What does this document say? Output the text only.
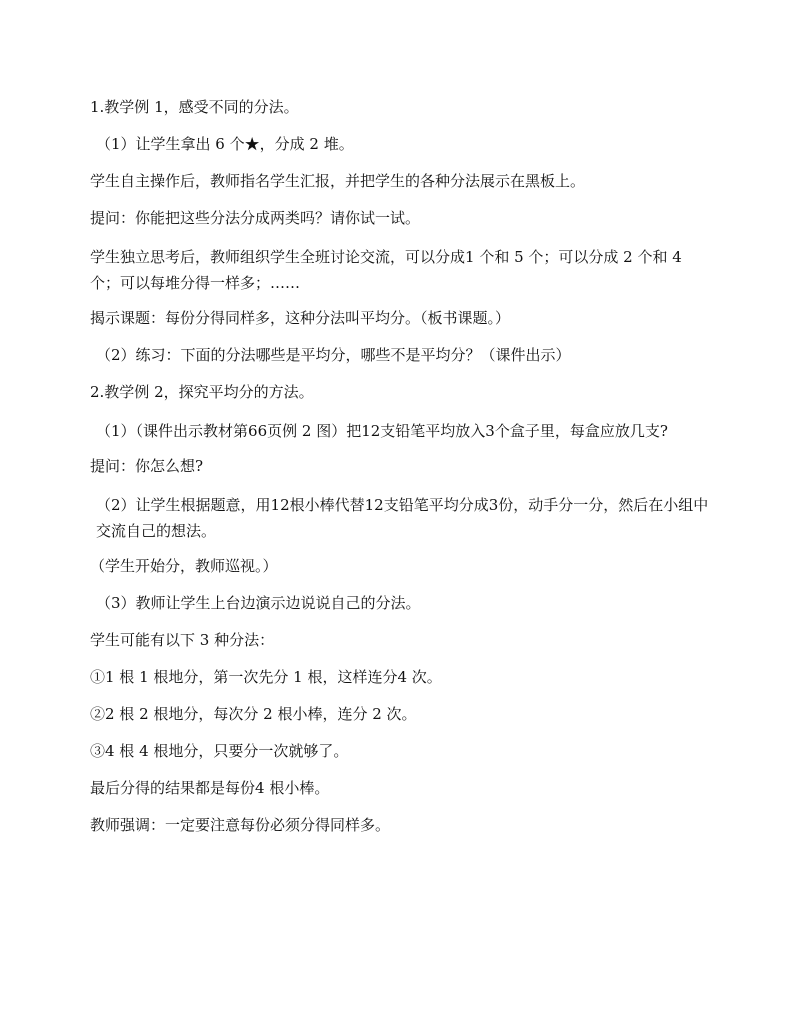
1.教学例 1，感受不同的分法。

（1）让学生拿出 6 个★，分成 2 堆。

学生自主操作后，教师指名学生汇报，并把学生的各种分法展示在黑板上。

提问：你能把这些分法分成两类吗？请你试一试。

学生独立思考后，教师组织学生全班讨论交流，可以分成1 个和 5 个；可以分成 2 个和 4 个；可以每堆分得一样多；……

揭示课题：每份分得同样多，这种分法叫平均分。（板书课题。）

（2）练习：下面的分法哪些是平均分，哪些不是平均分？（课件出示）

2.教学例 2，探究平均分的方法。

（1）（课件出示教材第66页例 2 图）把12支铅笔平均放入3个盒子里，每盒应放几支?

提问：你怎么想?

（2）让学生根据题意，用12根小棒代替12支铅笔平均分成3份，动手分一分，然后在小组中交流自己的想法。

（学生开始分，教师巡视。）

（3）教师让学生上台边演示边说说自己的分法。

学生可能有以下 3 种分法：

①1 根 1 根地分，第一次先分 1 根，这样连分4 次。

②2 根 2 根地分，每次分 2 根小棒，连分 2 次。

③4 根 4 根地分，只要分一次就够了。

最后分得的结果都是每份4 根小棒。

教师强调：一定要注意每份必须分得同样多。
